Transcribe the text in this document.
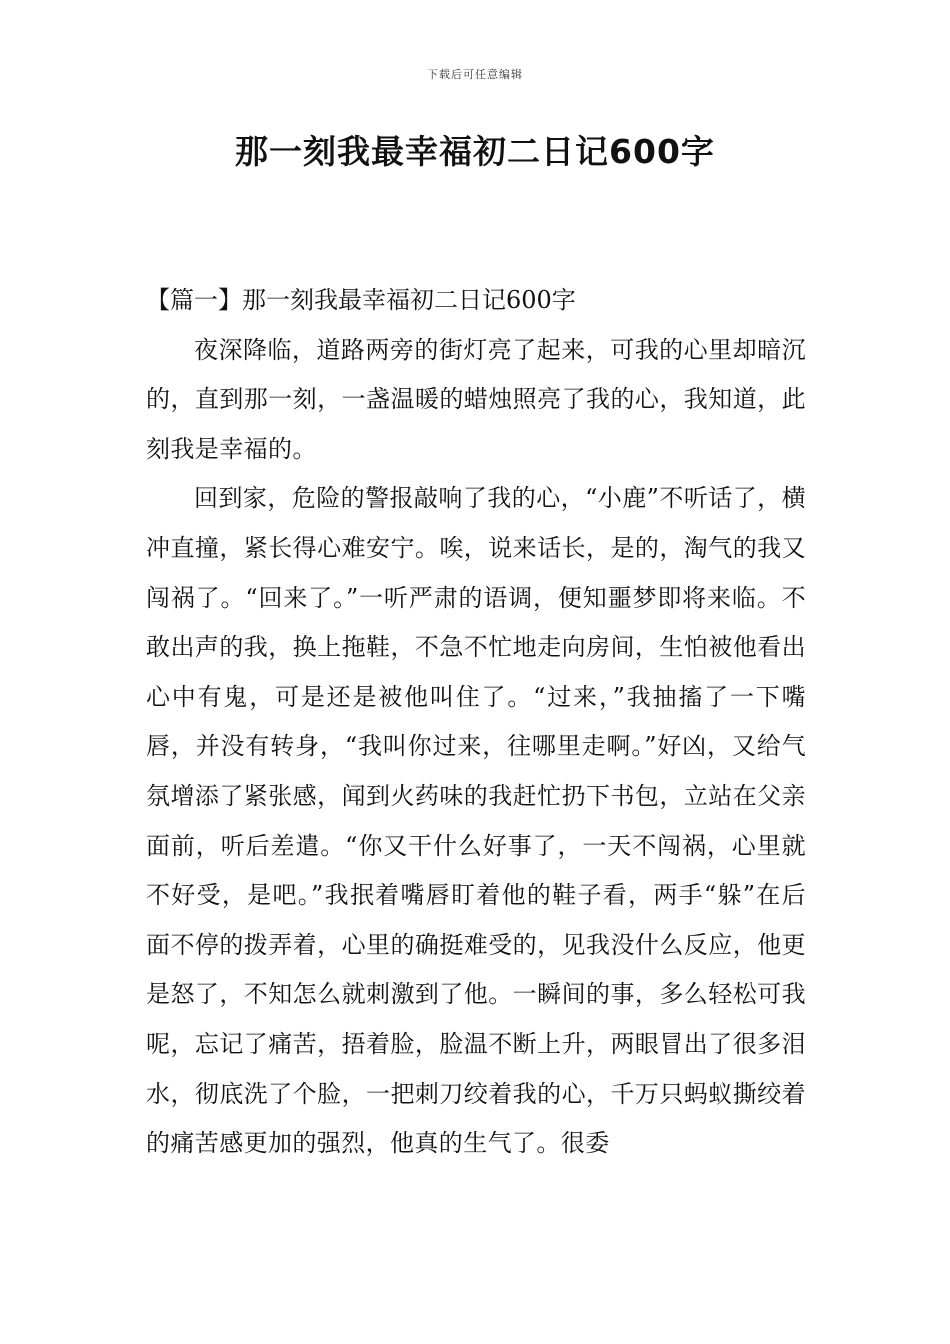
下载后可任意编辑
那一刻我最幸福初二日记600字

【篇一】那一刻我最幸福初二日记600字

夜深降临，道路两旁的街灯亮了起来，可我的心里却暗沉的，直到那一刻，一盏温暖的蜡烛照亮了我的心，我知道，此刻我是幸福的。

回到家，危险的警报敲响了我的心，“小鹿”不听话了，横冲直撞，紧长得心难安宁。唉，说来话长，是的，淘气的我又闯祸了。“回来了。”一听严肃的语调，便知噩梦即将来临。不敢出声的我，换上拖鞋，不急不忙地走向房间，生怕被他看出心中有鬼，可是还是被他叫住了。“过来，”我抽搐了一下嘴唇，并没有转身，“我叫你过来，往哪里走啊。”好凶，又给气氛增添了紧张感，闻到火药味的我赶忙扔下书包，立站在父亲面前，听后差遣。“你又干什么好事了，一天不闯祸，心里就不好受，是吧。”我抿着嘴唇盯着他的鞋子看，两手“躲”在后面不停的拨弄着，心里的确挺难受的，见我没什么反应，他更是怒了，不知怎么就刺激到了他。一瞬间的事，多么轻松可我呢，忘记了痛苦，捂着脸，脸温不断上升，两眼冒出了很多泪水，彻底洗了个脸，一把刺刀绞着我的心，千万只蚂蚁撕绞着的痛苦感更加的强烈，他真的生气了。很委
